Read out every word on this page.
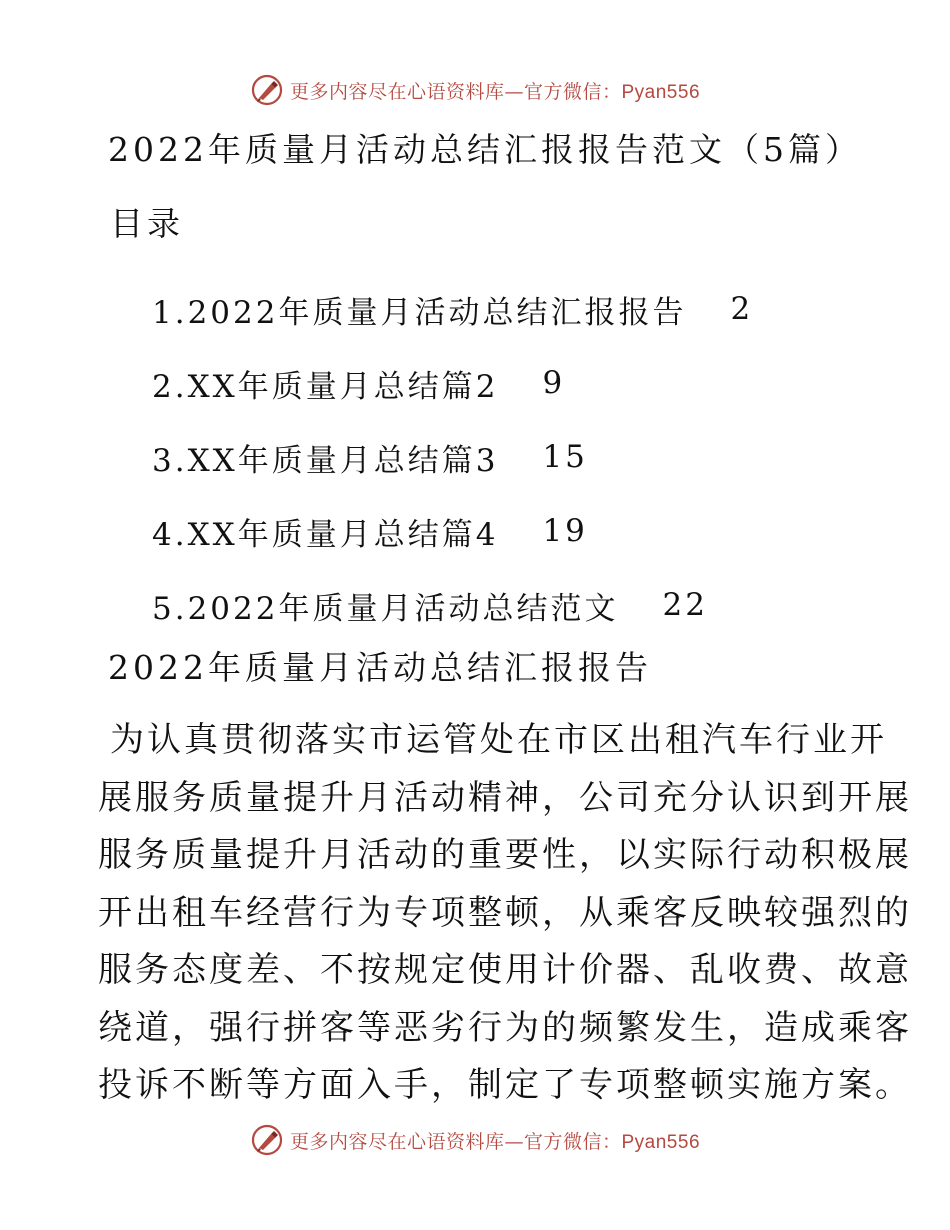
更多内容尽在心语资料库—官方微信：Pyan556
2022年质量月活动总结汇报报告范文（5篇）
目录
1.2022年质量月活动总结汇报报告 2
2.XX年质量月总结篇2 9
3.XX年质量月总结篇3 15
4.XX年质量月总结篇4 19
5.2022年质量月活动总结范文 22
2022年质量月活动总结汇报报告

为认真贯彻落实市运管处在市区出租汽车行业开
展服务质量提升月活动精神，公司充分认识到开展
服务质量提升月活动的重要性，以实际行动积极展
开出租车经营行为专项整顿，从乘客反映较强烈的
服务态度差、不按规定使用计价器、乱收费、故意
绕道，强行拼客等恶劣行为的频繁发生，造成乘客
投诉不断等方面入手，制定了专项整顿实施方案。

更多内容尽在心语资料库—官方微信：Pyan556
